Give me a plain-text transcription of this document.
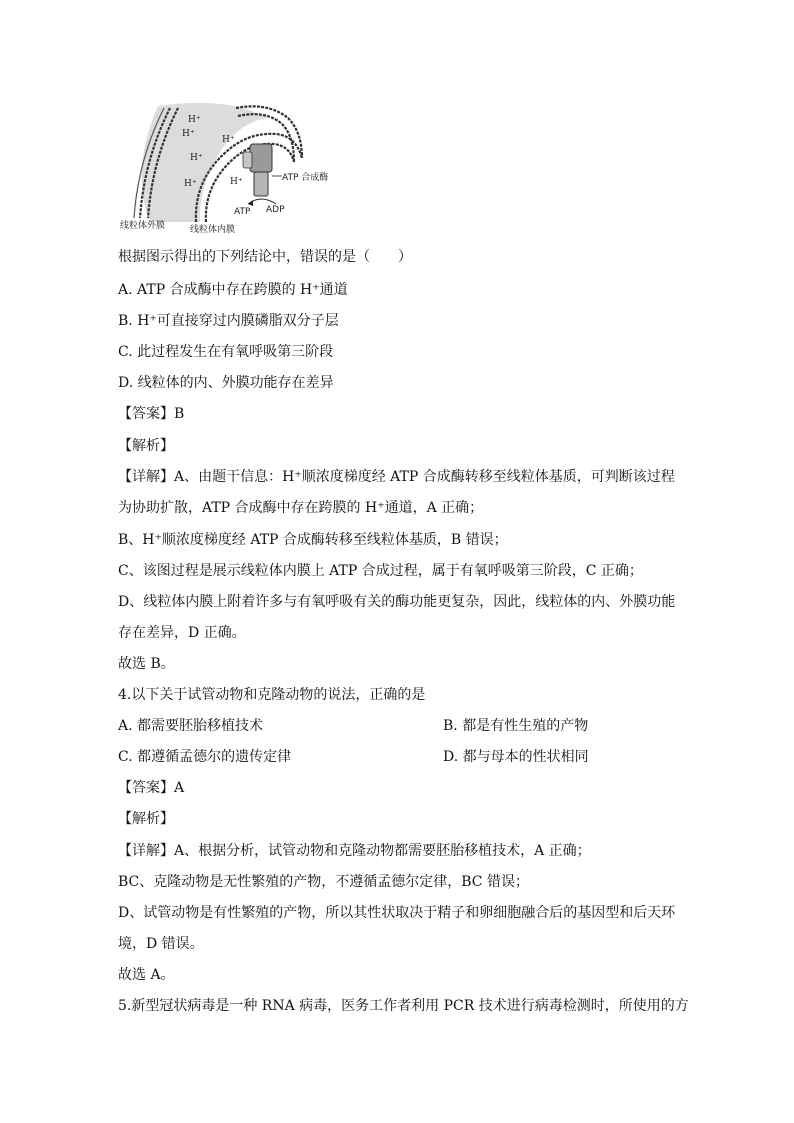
H⁺
H⁺
H⁺
H⁺
H⁺
H⁺	ATP 合成酶
ATP ADP
线粒体外膜	线粒体内膜
根据图示得出的下列结论中，错误的是（　　）
A. ATP 合成酶中存在跨膜的 H⁺通道
B. H⁺可直接穿过内膜磷脂双分子层
C. 此过程发生在有氧呼吸第三阶段
D. 线粒体的内、外膜功能存在差异
【答案】B
【解析】
【详解】A、由题干信息：H⁺顺浓度梯度经 ATP 合成酶转移至线粒体基质，可判断该过程
为协助扩散，ATP 合成酶中存在跨膜的 H⁺通道，A 正确；
B、H⁺顺浓度梯度经 ATP 合成酶转移至线粒体基质，B 错误；
C、该图过程是展示线粒体内膜上 ATP 合成过程，属于有氧呼吸第三阶段，C 正确；
D、线粒体内膜上附着许多与有氧呼吸有关的酶功能更复杂，因此，线粒体的内、外膜功能
存在差异，D 正确。
故选 B。
4.以下关于试管动物和克隆动物的说法，正确的是
A. 都需要胚胎移植技术	B. 都是有性生殖的产物
C. 都遵循孟德尔的遗传定律	D. 都与母本的性状相同
【答案】A
【解析】
【详解】A、根据分析，试管动物和克隆动物都需要胚胎移植技术，A 正确；
BC、克隆动物是无性繁殖的产物，不遵循孟德尔定律，BC 错误；
D、试管动物是有性繁殖的产物，所以其性状取决于精子和卵细胞融合后的基因型和后天环
境，D 错误。
故选 A。
5.新型冠状病毒是一种 RNA 病毒，医务工作者利用 PCR 技术进行病毒检测时，所使用的方
